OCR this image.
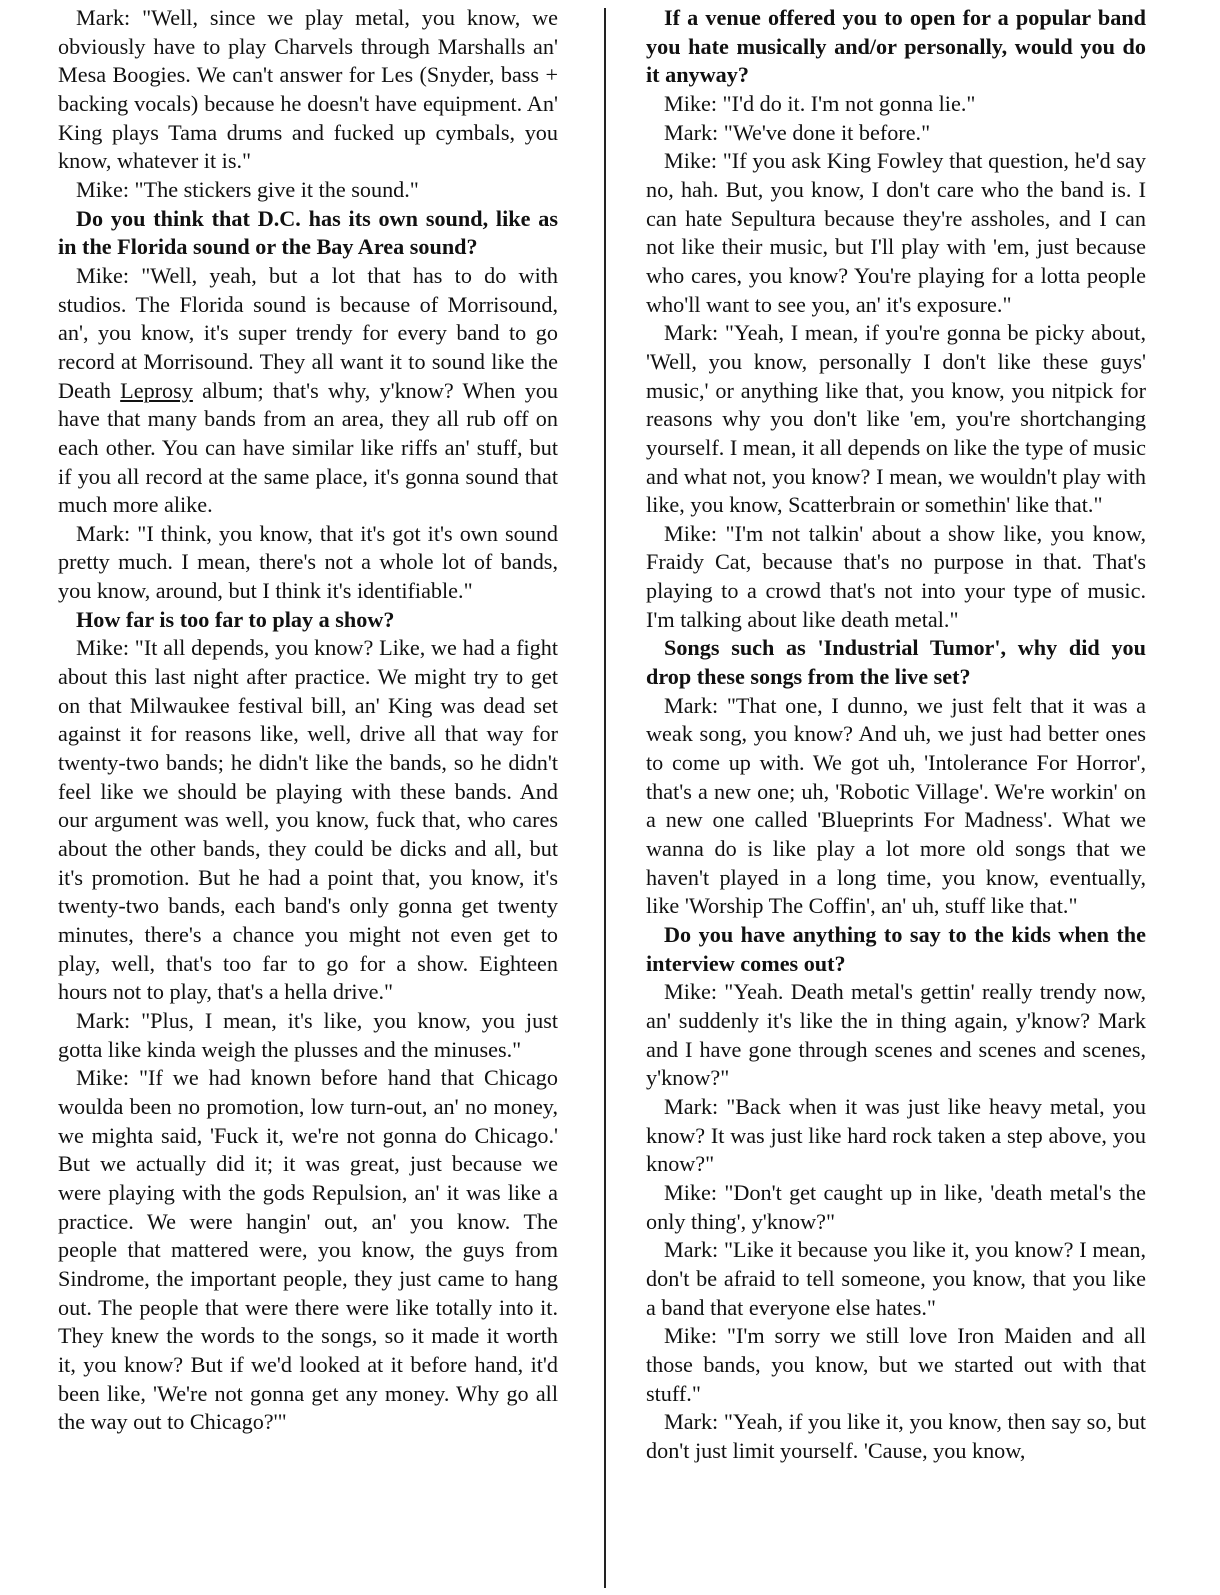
Mark: "Well, since we play metal, you know, we obviously have to play Charvels through Marshalls an' Mesa Boogies. We can't answer for Les (Snyder, bass + backing vocals) because he doesn't have equipment. An' King plays Tama drums and fucked up cymbals, you know, whatever it is."

Mike: "The stickers give it the sound."

Do you think that D.C. has its own sound, like as in the Florida sound or the Bay Area sound?

Mike: "Well, yeah, but a lot that has to do with studios. The Florida sound is because of Morrisound, an', you know, it's super trendy for every band to go record at Morrisound. They all want it to sound like the Death Leprosy album; that's why, y'know? When you have that many bands from an area, they all rub off on each other. You can have similar like riffs an' stuff, but if you all record at the same place, it's gonna sound that much more alike.

Mark: "I think, you know, that it's got it's own sound pretty much. I mean, there's not a whole lot of bands, you know, around, but I think it's identifiable."

How far is too far to play a show?

Mike: "It all depends, you know? Like, we had a fight about this last night after practice. We might try to get on that Milwaukee festival bill, an' King was dead set against it for reasons like, well, drive all that way for twenty-two bands; he didn't like the bands, so he didn't feel like we should be playing with these bands. And our argument was well, you know, fuck that, who cares about the other bands, they could be dicks and all, but it's promotion. But he had a point that, you know, it's twenty-two bands, each band's only gonna get twenty minutes, there's a chance you might not even get to play, well, that's too far to go for a show. Eighteen hours not to play, that's a hella drive."

Mark: "Plus, I mean, it's like, you know, you just gotta like kinda weigh the plusses and the minuses."

Mike: "If we had known before hand that Chicago woulda been no promotion, low turn-out, an' no money, we mighta said, 'Fuck it, we're not gonna do Chicago.' But we actually did it; it was great, just because we were playing with the gods Repulsion, an' it was like a practice. We were hangin' out, an' you know. The people that mattered were, you know, the guys from Sindrome, the important people, they just came to hang out. The people that were there were like totally into it. They knew the words to the songs, so it made it worth it, you know? But if we'd looked at it before hand, it'd been like, 'We're not gonna get any money. Why go all the way out to Chicago?'"

If a venue offered you to open for a popular band you hate musically and/or personally, would you do it anyway?

Mike: "I'd do it. I'm not gonna lie."

Mark: "We've done it before."

Mike: "If you ask King Fowley that question, he'd say no, hah. But, you know, I don't care who the band is. I can hate Sepultura because they're assholes, and I can not like their music, but I'll play with 'em, just because who cares, you know? You're playing for a lotta people who'll want to see you, an' it's exposure."

Mark: "Yeah, I mean, if you're gonna be picky about, 'Well, you know, personally I don't like these guys' music,' or anything like that, you know, you nitpick for reasons why you don't like 'em, you're shortchanging yourself. I mean, it all depends on like the type of music and what not, you know? I mean, we wouldn't play with like, you know, Scatterbrain or somethin' like that."

Mike: "I'm not talkin' about a show like, you know, Fraidy Cat, because that's no purpose in that. That's playing to a crowd that's not into your type of music. I'm talking about like death metal."

Songs such as 'Industrial Tumor', why did you drop these songs from the live set?

Mark: "That one, I dunno, we just felt that it was a weak song, you know? And uh, we just had better ones to come up with. We got uh, 'Intolerance For Horror', that's a new one; uh, 'Robotic Village'. We're workin' on a new one called 'Blueprints For Madness'. What we wanna do is like play a lot more old songs that we haven't played in a long time, you know, eventually, like 'Worship The Coffin', an' uh, stuff like that."

Do you have anything to say to the kids when the interview comes out?

Mike: "Yeah. Death metal's gettin' really trendy now, an' suddenly it's like the in thing again, y'know? Mark and I have gone through scenes and scenes and scenes, y'know?"

Mark: "Back when it was just like heavy metal, you know? It was just like hard rock taken a step above, you know?"

Mike: "Don't get caught up in like, 'death metal's the only thing', y'know?"

Mark: "Like it because you like it, you know? I mean, don't be afraid to tell someone, you know, that you like a band that everyone else hates."

Mike: "I'm sorry we still love Iron Maiden and all those bands, you know, but we started out with that stuff."

Mark: "Yeah, if you like it, you know, then say so, but don't just limit yourself. 'Cause, you know,
